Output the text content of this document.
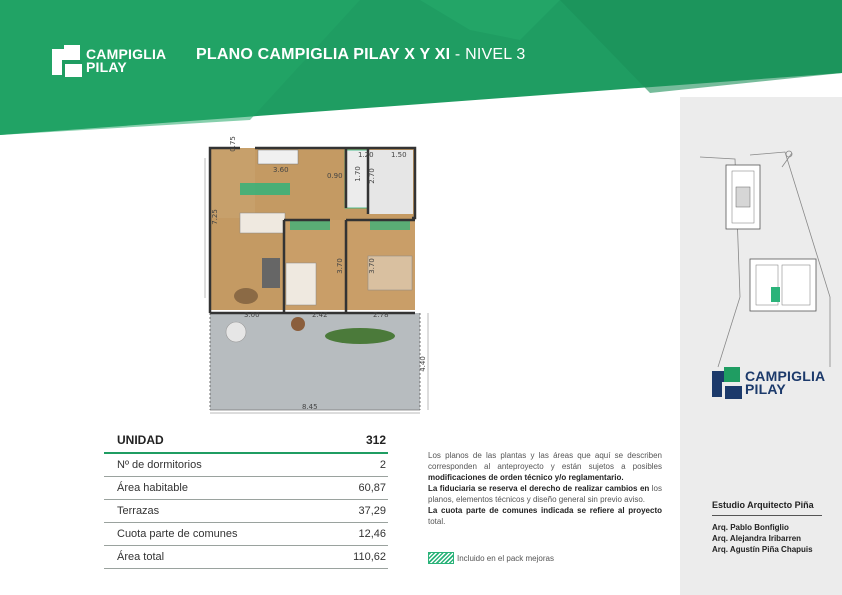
CAMPIGLIA
PILAY
PLANO CAMPIGLIA PILAY X Y XI - NIVEL 3
CAMPIGLIA
PILAY
0.75
3.60
0.90
1.20 1.50
1.70 2.70
7.25
3.70	3.70
3.00	2.42	2.78
4.40
8.45
UNIDAD	312
Nº de dormitorios	2
Área habitable	60,87
Terrazas	37,29
Cuota parte de comunes	12,46
Área total	110,62
Los planos de las plantas y las áreas que aquí se describen corresponden al anteproyecto y están sujetos a posibles modificaciones de orden técnico y/o reglamentario.
La fiduciaria se reserva el derecho de realizar cambios en los planos, elementos técnicos y diseño general sin previo aviso.
La cuota parte de comunes indicada se refiere al proyecto total.
Incluido en el pack mejoras
Estudio Arquitecto Piña
Arq. Pablo Bonfiglio
Arq. Alejandra Iribarren
Arq. Agustín Piña Chapuis
